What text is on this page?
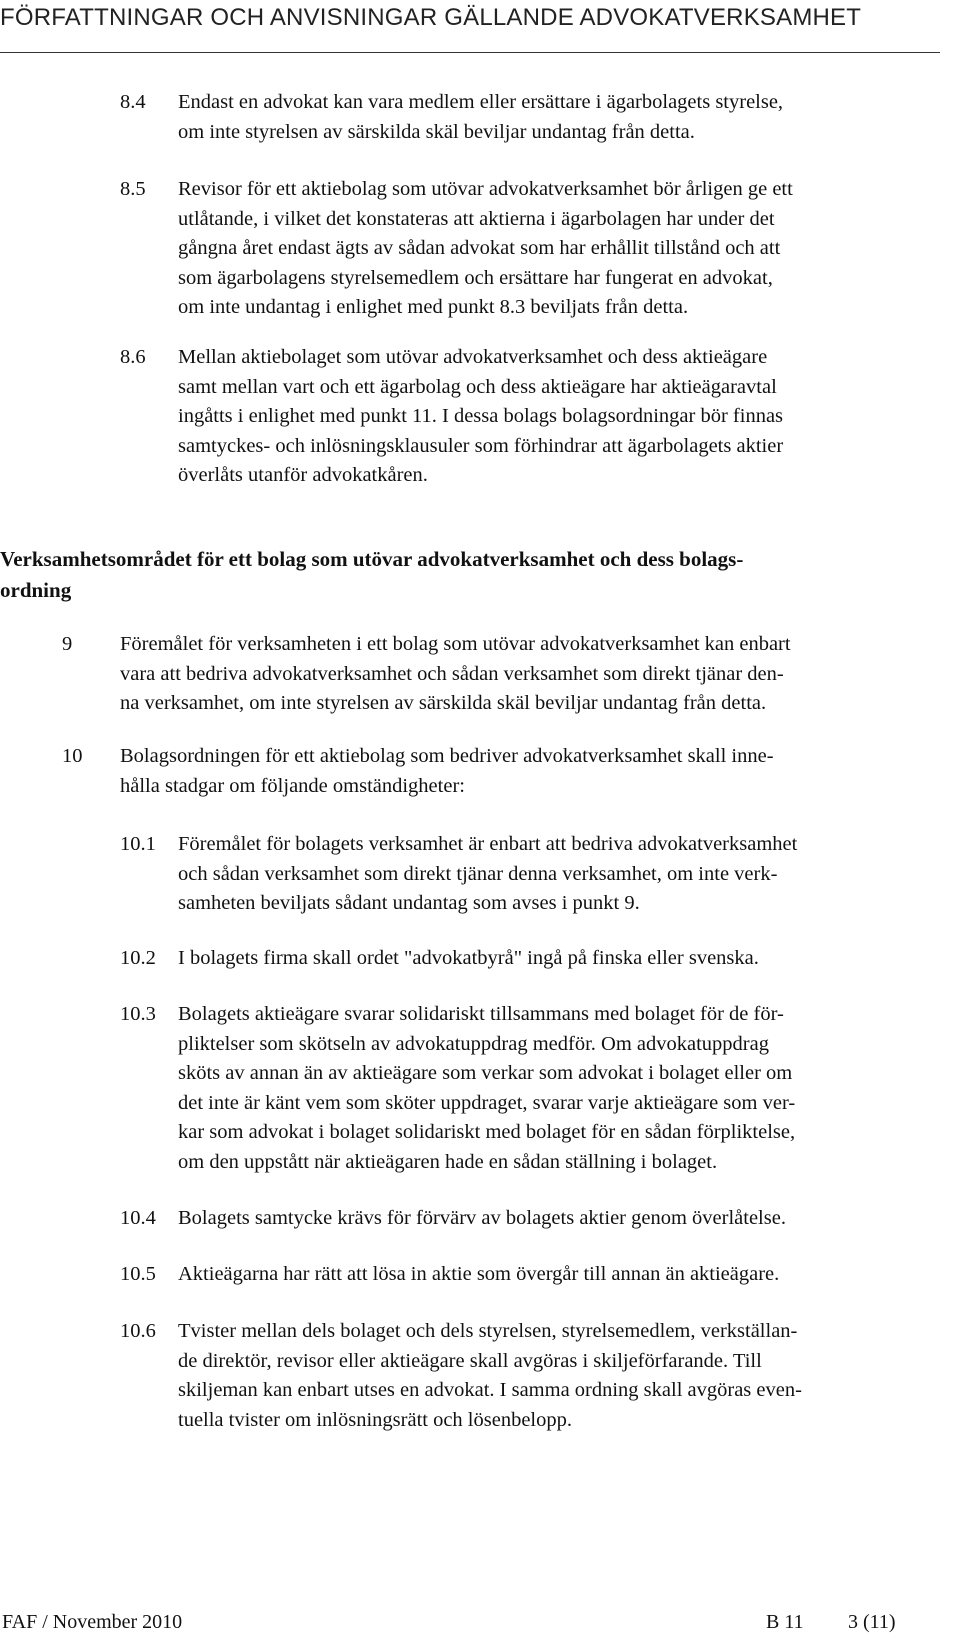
FÖRFATTNINGAR OCH ANVISNINGAR GÄLLANDE ADVOKATVERKSAMHET
8.4 Endast en advokat kan vara medlem eller ersättare i ägarbolagets styrelse,
om inte styrelsen av särskilda skäl beviljar undantag från detta.
8.5 Revisor för ett aktiebolag som utövar advokatverksamhet bör årligen ge ett
utlåtande, i vilket det konstateras att aktierna i ägarbolagen har under det
gångna året endast ägts av sådan advokat som har erhållit tillstånd och att
som ägarbolagens styrelsemedlem och ersättare har fungerat en advokat,
om inte undantag i enlighet med punkt 8.3 beviljats från detta.
8.6 Mellan aktiebolaget som utövar advokatverksamhet och dess aktieägare
samt mellan vart och ett ägarbolag och dess aktieägare har aktieägaravtal
ingåtts i enlighet med punkt 11. I dessa bolags bolagsordningar bör finnas
samtyckes- och inlösningsklausuler som förhindrar att ägarbolagets aktier
överlåts utanför advokatkåren.
Verksamhetsområdet för ett bolag som utövar advokatverksamhet och dess bolags-
ordning
9 Föremålet för verksamheten i ett bolag som utövar advokatverksamhet kan enbart
vara att bedriva advokatverksamhet och sådan verksamhet som direkt tjänar den-
na verksamhet, om inte styrelsen av särskilda skäl beviljar undantag från detta.
10 Bolagsordningen för ett aktiebolag som bedriver advokatverksamhet skall inne-
hålla stadgar om följande omständigheter:
10.1 Föremålet för bolagets verksamhet är enbart att bedriva advokatverksamhet
och sådan verksamhet som direkt tjänar denna verksamhet, om inte verk-
samheten beviljats sådant undantag som avses i punkt 9.
10.2 I bolagets firma skall ordet "advokatbyrå" ingå på finska eller svenska.
10.3 Bolagets aktieägare svarar solidariskt tillsammans med bolaget för de för-
pliktelser som skötseln av advokatuppdrag medför. Om advokatuppdrag
sköts av annan än av aktieägare som verkar som advokat i bolaget eller om
det inte är känt vem som sköter uppdraget, svarar varje aktieägare som ver-
kar som advokat i bolaget solidariskt med bolaget för en sådan förpliktelse,
om den uppstått när aktieägaren hade en sådan ställning i bolaget.
10.4 Bolagets samtycke krävs för förvärv av bolagets aktier genom överlåtelse.
10.5 Aktieägarna har rätt att lösa in aktie som övergår till annan än aktieägare.
10.6 Tvister mellan dels bolaget och dels styrelsen, styrelsemedlem, verkställan-
de direktör, revisor eller aktieägare skall avgöras i skiljeförfarande. Till
skiljeman kan enbart utses en advokat. I samma ordning skall avgöras even-
tuella tvister om inlösningsrätt och lösenbelopp.
FAF / November 2010	B 11 3 (11)
